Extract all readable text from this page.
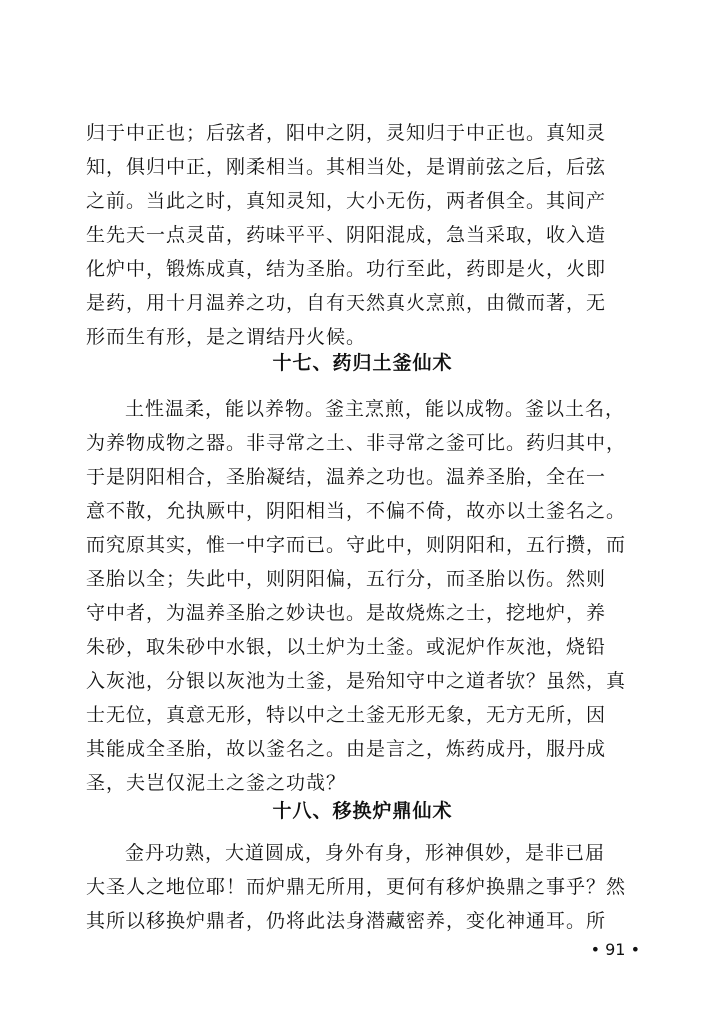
归于中正也；后弦者，阳中之阴，灵知归于中正也。真知灵
知，俱归中正，刚柔相当。其相当处，是谓前弦之后，后弦
之前。当此之时，真知灵知，大小无伤，两者俱全。其间产
生先天一点灵苗，药味平平、阴阳混成，急当采取，收入造
化炉中，锻炼成真，结为圣胎。功行至此，药即是火，火即
是药，用十月温养之功，自有天然真火烹煎，由微而著，无
形而生有形，是之谓结丹火候。
十七、药归土釜仙术
土性温柔，能以养物。釜主烹煎，能以成物。釜以土名，
为养物成物之器。非寻常之土、非寻常之釜可比。药归其中，
于是阴阳相合，圣胎凝结，温养之功也。温养圣胎，全在一
意不散，允执厥中，阴阳相当，不偏不倚，故亦以土釜名之。
而究原其实，惟一中字而已。守此中，则阴阳和，五行攒，而
圣胎以全；失此中，则阴阳偏，五行分，而圣胎以伤。然则
守中者，为温养圣胎之妙诀也。是故烧炼之士，挖地炉，养
朱砂，取朱砂中水银，以土炉为土釜。或泥炉作灰池，烧铅
入灰池，分银以灰池为土釜，是殆知守中之道者欤？虽然，真
士无位，真意无形，特以中之土釜无形无象，无方无所，因
其能成全圣胎，故以釜名之。由是言之，炼药成丹，服丹成
圣，夫岂仅泥土之釜之功哉？
十八、移换炉鼎仙术
金丹功熟，大道圆成，身外有身，形神俱妙，是非已届
大圣人之地位耶！而炉鼎无所用，更何有移炉换鼎之事乎？然
其所以移换炉鼎者，仍将此法身潜藏密养，变化神通耳。所
• 91 •
